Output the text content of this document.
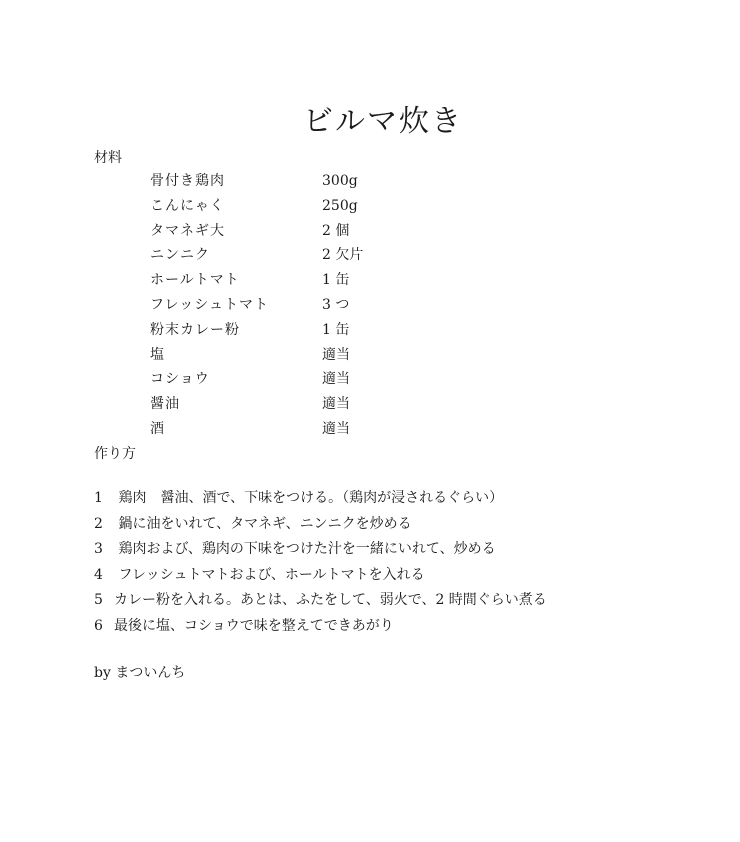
ビルマ炊き
材料
骨付き鶏肉	300g
こんにゃく	250g
タマネギ大	2 個
ニンニク	2 欠片
ホールトマト	1 缶
フレッシュトマト	3 つ
粉末カレー粉	1 缶
塩	適当
コショウ	適当
醤油	適当
酒	適当
作り方
1 鶏肉　醤油、酒で、下味をつける。（鶏肉が浸されるぐらい）
2 鍋に油をいれて、タマネギ、ニンニクを炒める
3 鶏肉および、鶏肉の下味をつけた汁を一緒にいれて、炒める
4 フレッシュトマトおよび、ホールトマトを入れる
5 カレー粉を入れる。あとは、ふたをして、弱火で、2 時間ぐらい煮る
6 最後に塩、コショウで味を整えてできあがり
by まついんち
